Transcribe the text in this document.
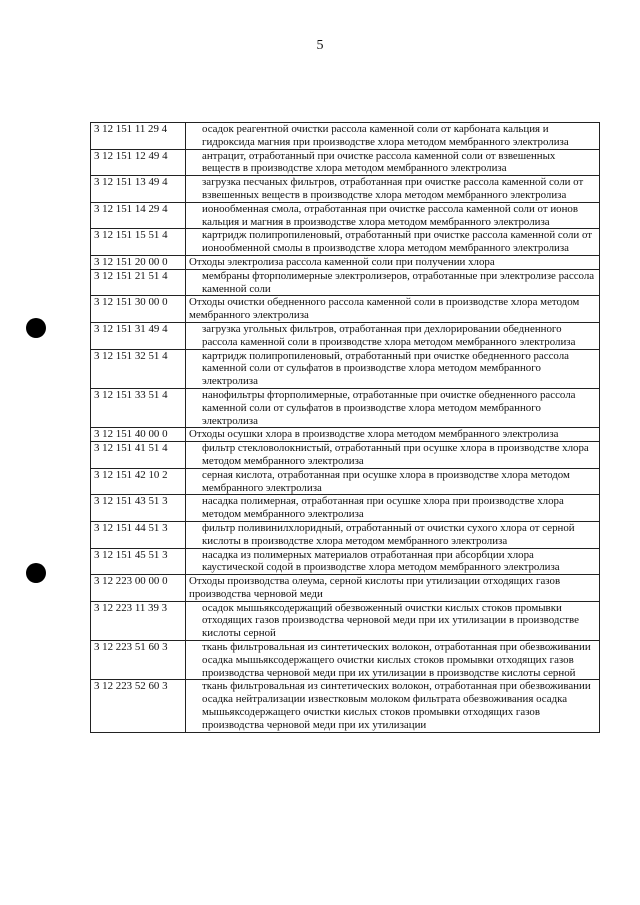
5
3 12 151 11 29 4	осадок реагентной очистки рассола каменной соли от карбоната кальция и гидроксида магния при производстве хлора методом мембранного электролиза
3 12 151 12 49 4	антрацит, отработанный при очистке рассола каменной соли от взвешенных веществ в производстве хлора методом мембранного электролиза
3 12 151 13 49 4	загрузка песчаных фильтров, отработанная при очистке рассола каменной соли от взвешенных веществ в производстве хлора методом мембранного электролиза
3 12 151 14 29 4	ионообменная смола, отработанная при очистке рассола каменной соли от ионов кальция и магния в производстве хлора методом мембранного электролиза
3 12 151 15 51 4	картридж полипропиленовый, отработанный при очистке рассола каменной соли от ионообменной смолы в производстве хлора методом мембранного электролиза
3 12 151 20 00 0	Отходы электролиза рассола каменной соли при получении хлора
3 12 151 21 51 4	мембраны фторполимерные электролизеров, отработанные при электролизе рассола каменной соли
3 12 151 30 00 0	Отходы очистки обедненного рассола каменной соли в производстве хлора методом мембранного электролиза
3 12 151 31 49 4	загрузка угольных фильтров, отработанная при дехлорировании обедненного рассола каменной соли в производстве хлора методом мембранного электролиза
3 12 151 32 51 4	картридж полипропиленовый, отработанный при очистке обедненного рассола каменной соли от сульфатов в производстве хлора методом мембранного электролиза
3 12 151 33 51 4	нанофильтры фторполимерные, отработанные при очистке обедненного рассола каменной соли от сульфатов в производстве хлора методом мембранного электролиза
3 12 151 40 00 0	Отходы осушки хлора в производстве хлора методом мембранного электролиза
3 12 151 41 51 4	фильтр стекловолокнистый, отработанный при осушке хлора в производстве хлора методом мембранного электролиза
3 12 151 42 10 2	серная кислота, отработанная при осушке хлора в производстве хлора методом мембранного электролиза
3 12 151 43 51 3	насадка полимерная, отработанная при осушке хлора при производстве хлора методом мембранного электролиза
3 12 151 44 51 3	фильтр поливинилхлоридный, отработанный от очистки сухого хлора от серной кислоты в производстве хлора методом мембранного электролиза
3 12 151 45 51 3	насадка из полимерных материалов отработанная при абсорбции хлора каустической содой в производстве хлора методом мембранного электролиза
3 12 223 00 00 0	Отходы производства олеума, серной кислоты при утилизации отходящих газов производства черновой меди
3 12 223 11 39 3	осадок мышьяксодержащий обезвоженный очистки кислых стоков промывки отходящих газов производства черновой меди при их утилизации в производстве кислоты серной
3 12 223 51 60 3	ткань фильтровальная из синтетических волокон, отработанная при обезвоживании осадка мышьяксодержащего очистки кислых стоков промывки отходящих газов производства черновой меди при их утилизации в производстве кислоты серной
3 12 223 52 60 3	ткань фильтровальная из синтетических волокон, отработанная при обезвоживании осадка нейтрализации известковым молоком фильтрата обезвоживания осадка мышьяксодержащего очистки кислых стоков промывки отходящих газов производства черновой меди при их утилизации
